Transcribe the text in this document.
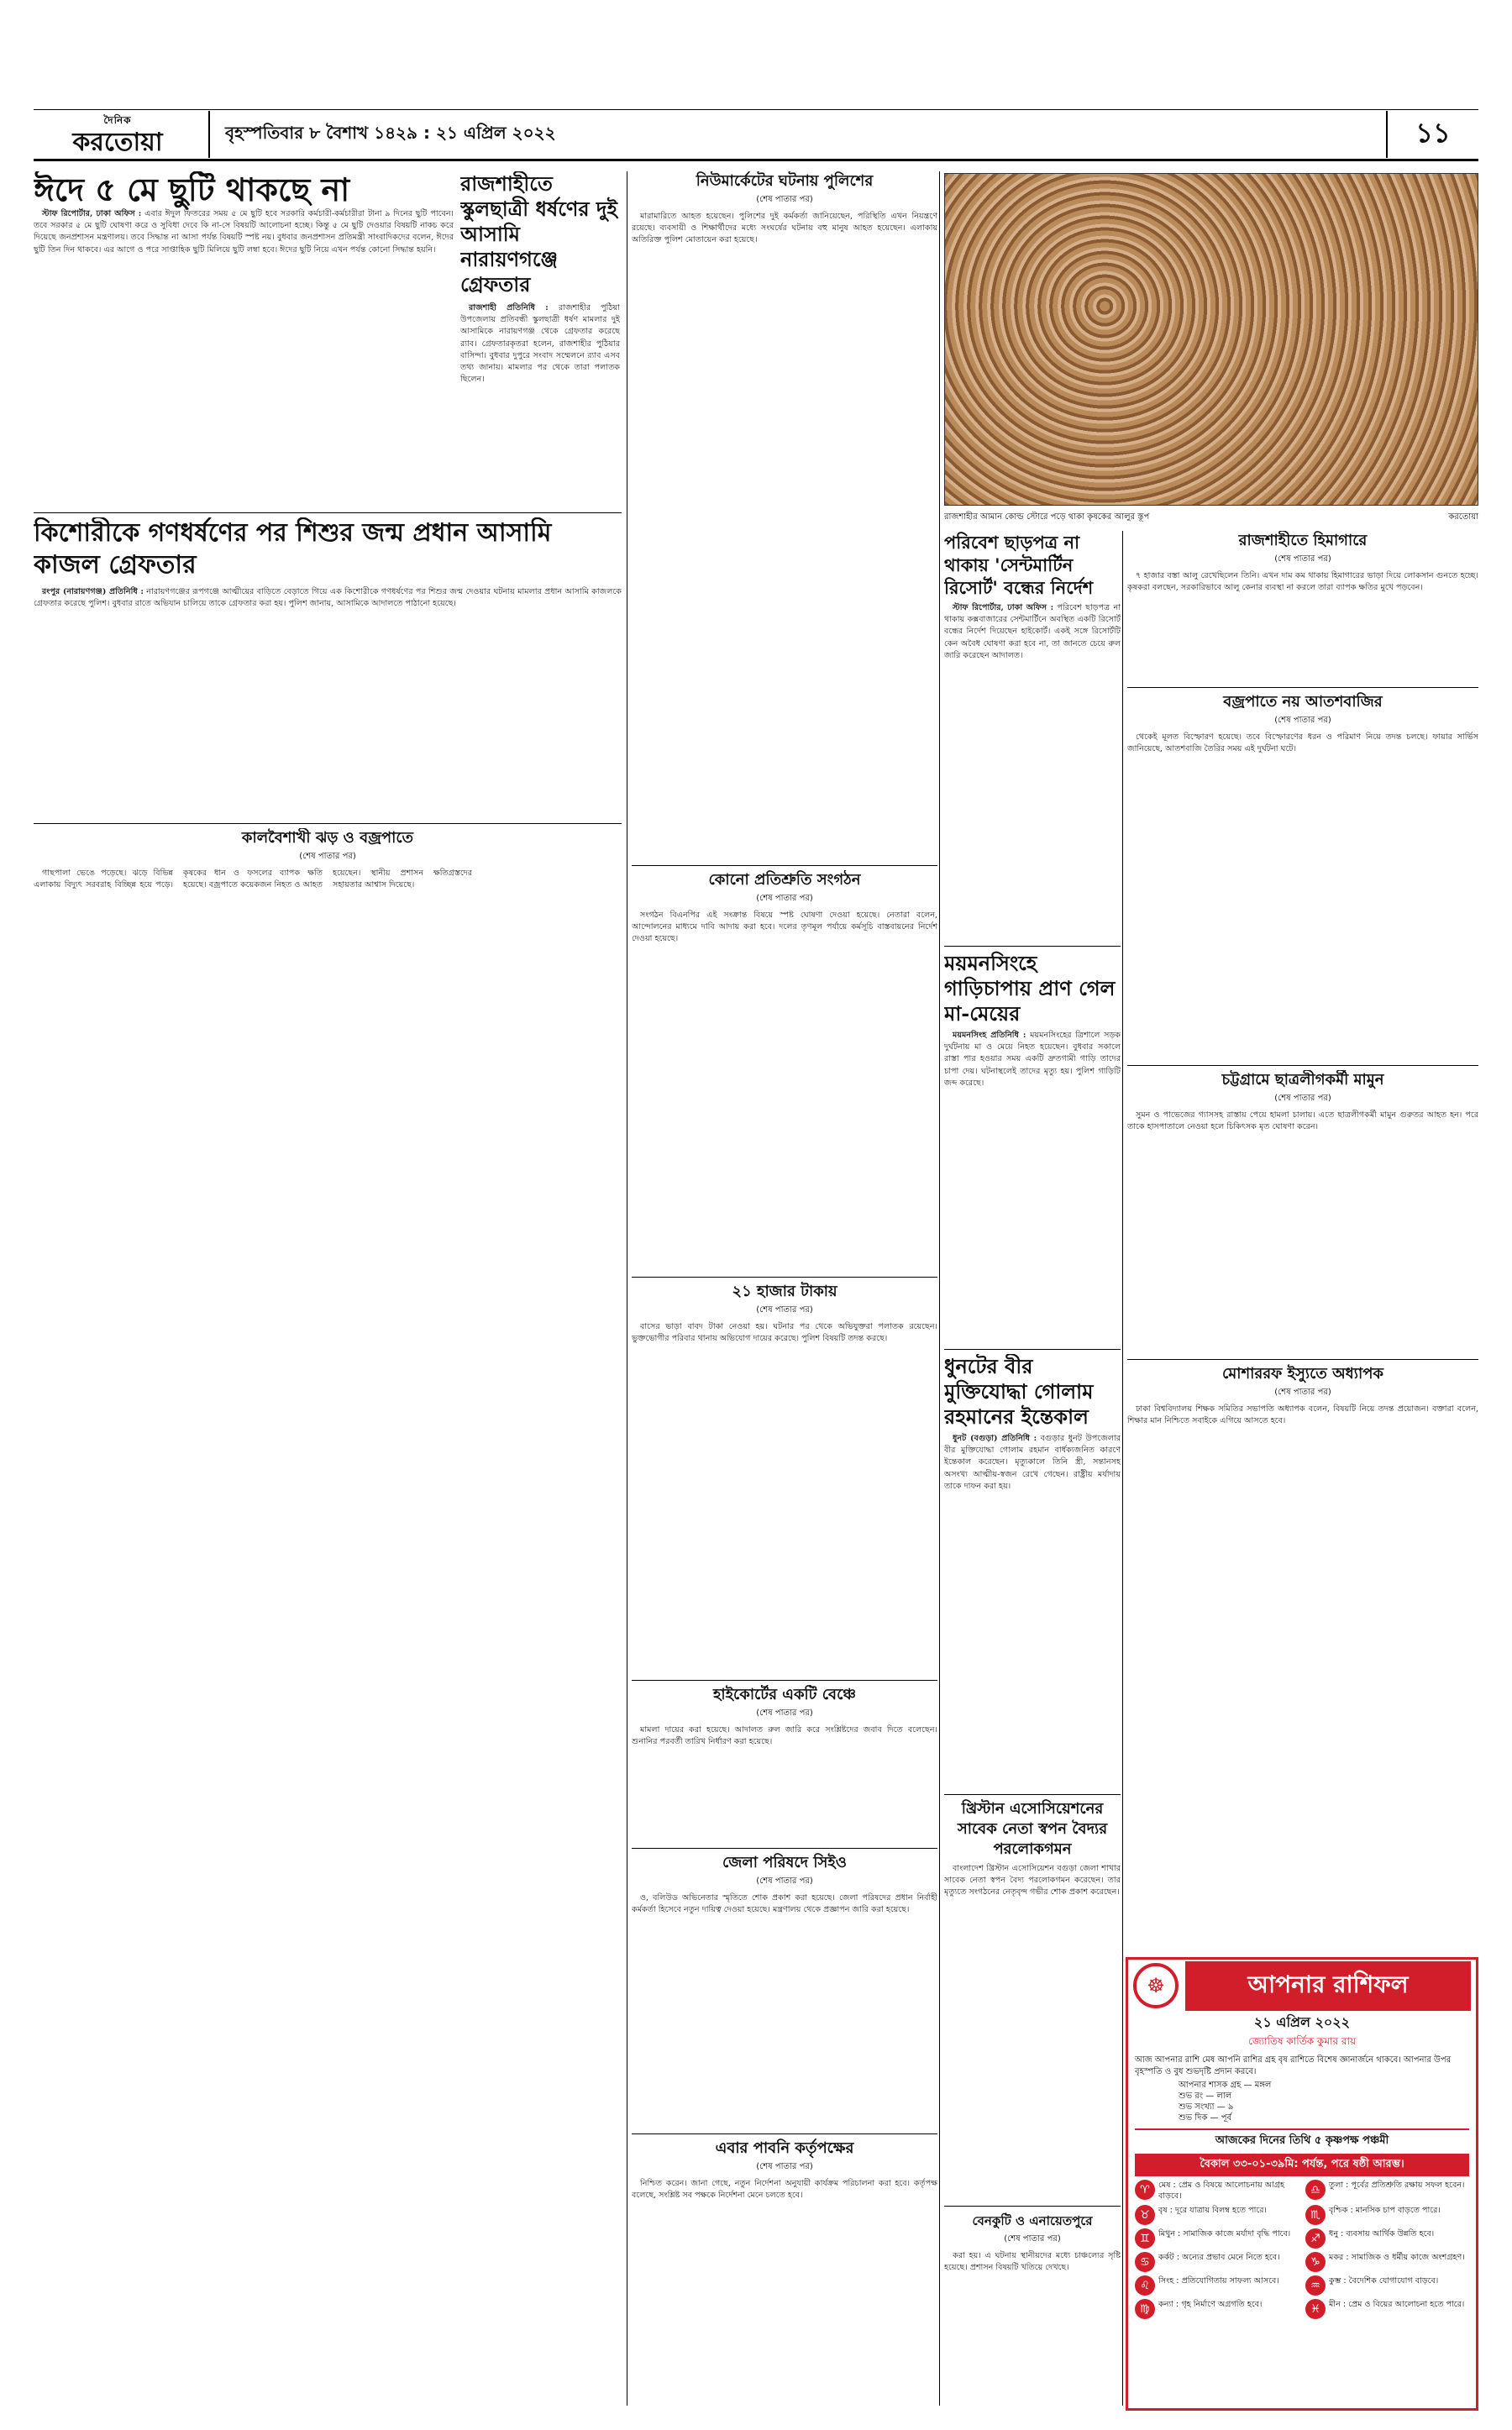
দৈনিক
করতোয়া	বৃহস্পতিবার ৮ বৈশাখ ১৪২৯ : ২১ এপ্রিল ২০২২	১১
ঈদে ৫ মে ছুটি থাকছে না

স্টাফ রিপোর্টার, ঢাকা অফিস : এবার ঈদুল ফিতরের সময় ৫ মে ছুটি হবে সরকারি কর্মচারী-কর্মচারীরা টানা ৯ দিনের ছুটি পাবেন। তবে সরকার ৫ মে ছুটি ঘোষণা করে ও সুবিধা দেবে কি না-সে বিষয়টি আলোচনা হচ্ছে। কিন্তু ৫ মে ছুটি দেওয়ার বিষয়টি নাকচ করে দিয়েছে জনপ্রশাসন মন্ত্রণালয়। তবে সিদ্ধান্ত না আসা পর্যন্ত বিষয়টি স্পষ্ট নয়। বুধবার জনপ্রশাসন প্রতিমন্ত্রী সাংবাদিকদের বলেন, ঈদের ছুটি তিন দিন থাকবে। এর আগে ও পরে সাপ্তাহিক ছুটি মিলিয়ে ছুটি লম্বা হবে। ঈদের ছুটি নিয়ে এখন পর্যন্ত কোনো সিদ্ধান্ত হয়নি।

রাজশাহীতে স্কুলছাত্রী ধর্ষণের দুই আসামি নারায়ণগঞ্জে গ্রেফতার

রাজশাহী প্রতিনিধি : রাজশাহীর পুঠিয়া উপজেলায় প্রতিবন্ধী স্কুলছাত্রী ধর্ষণ মামলার দুই আসামিকে নারায়ণগঞ্জ থেকে গ্রেফতার করেছে র‍্যাব। গ্রেফতারকৃতরা হলেন, রাজশাহীর পুঠিয়ার বাসিন্দা। বুধবার দুপুরে সংবাদ সম্মেলনে র‍্যাব এসব তথ্য জানায়। মামলার পর থেকে তারা পলাতক ছিলেন।

কিশোরীকে গণধর্ষণের পর শিশুর জন্ম প্রধান আসামি কাজল গ্রেফতার

রংপুর (নারায়ণগঞ্জ) প্রতিনিধি : নারায়ণগঞ্জের রূপগঞ্জে আত্মীয়ের বাড়িতে বেড়াতে গিয়ে এক কিশোরীকে গণধর্ষণের পর শিশুর জন্ম দেওয়ার ঘটনায় মামলার প্রধান আসামি কাজলকে গ্রেফতার করেছে পুলিশ। বুধবার রাতে অভিযান চালিয়ে তাকে গ্রেফতার করা হয়। পুলিশ জানায়, আসামিকে আদালতে পাঠানো হয়েছে।

কালবৈশাখী ঝড় ও বজ্রপাতে
(শেষ পাতার পর)

গাছপালা ভেঙে পড়েছে। ঝড়ে বিভিন্ন এলাকায় বিদ্যুৎ সরবরাহ বিচ্ছিন্ন হয়ে পড়ে। কৃষকের ধান ও ফসলের ব্যাপক ক্ষতি হয়েছে। বজ্রপাতে কয়েকজন নিহত ও আহত হয়েছেন। স্থানীয় প্রশাসন ক্ষতিগ্রস্তদের সহায়তার আশ্বাস দিয়েছে।

নিউমার্কেটের ঘটনায় পুলিশের
(শেষ পাতার পর)

মারামারিতে আহত হয়েছেন। পুলিশের দুই কর্মকর্তা জানিয়েছেন, পরিস্থিতি এখন নিয়ন্ত্রণে রয়েছে। ব্যবসায়ী ও শিক্ষার্থীদের মধ্যে সংঘর্ষের ঘটনায় বহু মানুষ আহত হয়েছেন। এলাকায় অতিরিক্ত পুলিশ মোতায়েন করা হয়েছে।

কোনো প্রতিশ্রুতি সংগঠন
(শেষ পাতার পর)

সংগঠন বিএনপির এই সংক্রান্ত বিষয়ে স্পষ্ট ঘোষণা দেওয়া হয়েছে। নেতারা বলেন, আন্দোলনের মাধ্যমে দাবি আদায় করা হবে। দলের তৃণমূল পর্যায়ে কর্মসূচি বাস্তবায়নের নির্দেশ দেওয়া হয়েছে।

২১ হাজার টাকায়
(শেষ পাতার পর)

বাসের ভাড়া বাবদ টাকা নেওয়া হয়। ঘটনার পর থেকে অভিযুক্তরা পলাতক রয়েছেন। ভুক্তভোগীর পরিবার থানায় অভিযোগ দায়ের করেছে। পুলিশ বিষয়টি তদন্ত করছে।

হাইকোর্টের একটি বেঞ্চে
(শেষ পাতার পর)

মামলা দায়ের করা হয়েছে। আদালত রুল জারি করে সংশ্লিষ্টদের জবাব দিতে বলেছেন। শুনানির পরবর্তী তারিখ নির্ধারণ করা হয়েছে।

জেলা পরিষদে সিইও
(শেষ পাতার পর)

ও, বলিউড অভিনেতার স্মৃতিতে শোক প্রকাশ করা হয়েছে। জেলা পরিষদের প্রধান নির্বাহী কর্মকর্তা হিসেবে নতুন দায়িত্ব দেওয়া হয়েছে। মন্ত্রণালয় থেকে প্রজ্ঞাপন জারি করা হয়েছে।

এবার পাবনি কর্তৃপক্ষের
(শেষ পাতার পর)

নিশ্চিত করেন। জানা গেছে, নতুন নির্দেশনা অনুযায়ী কার্যক্রম পরিচালনা করা হবে। কর্তৃপক্ষ বলেছে, সংশ্লিষ্ট সব পক্ষকে নির্দেশনা মেনে চলতে হবে।

রাজশাহীর আমান কোল্ড স্টোরে পড়ে থাকা কৃষকের আলুর স্তূপ	করতোয়া
পরিবেশ ছাড়পত্র না থাকায় 'সেন্টমার্টিন রিসোর্ট' বন্ধের নির্দেশ

স্টাফ রিপোর্টার, ঢাকা অফিস : পরিবেশ ছাড়পত্র না থাকায় কক্সবাজারের সেন্টমার্টিনে অবস্থিত একটি রিসোর্ট বন্ধের নির্দেশ দিয়েছেন হাইকোর্ট। একই সঙ্গে রিসোর্টটি কেন অবৈধ ঘোষণা করা হবে না, তা জানতে চেয়ে রুল জারি করেছেন আদালত।

ময়মনসিংহে গাড়িচাপায় প্রাণ গেল মা-মেয়ের

ময়মনসিংহ প্রতিনিধি : ময়মনসিংহের ত্রিশালে সড়ক দুর্ঘটনায় মা ও মেয়ে নিহত হয়েছেন। বুধবার সকালে রাস্তা পার হওয়ার সময় একটি দ্রুতগামী গাড়ি তাদের চাপা দেয়। ঘটনাস্থলেই তাদের মৃত্যু হয়। পুলিশ গাড়িটি জব্দ করেছে।

ধুনটের বীর মুক্তিযোদ্ধা গোলাম রহমানের ইন্তেকাল

ধুনট (বগুড়া) প্রতিনিধি : বগুড়ার ধুনট উপজেলার বীর মুক্তিযোদ্ধা গোলাম রহমান বার্ধক্যজনিত কারণে ইন্তেকাল করেছেন। মৃত্যুকালে তিনি স্ত্রী, সন্তানসহ অসংখ্য আত্মীয়-স্বজন রেখে গেছেন। রাষ্ট্রীয় মর্যাদায় তাকে দাফন করা হয়।

খ্রিস্টান এসোসিয়েশনের সাবেক নেতা স্বপন বৈদ্যর পরলোকগমন

বাংলাদেশ খ্রিস্টান এসোসিয়েশন বগুড়া জেলা শাখার সাবেক নেতা স্বপন বৈদ্য পরলোকগমন করেছেন। তার মৃত্যুতে সংগঠনের নেতৃবৃন্দ গভীর শোক প্রকাশ করেছেন।

বেনকুটি ও এনায়েতপুরে
(শেষ পাতার পর)

করা হয়। এ ঘটনায় স্থানীয়দের মধ্যে চাঞ্চল্যের সৃষ্টি হয়েছে। প্রশাসন বিষয়টি খতিয়ে দেখছে।

রাজশাহীতে হিমাগারে
(শেষ পাতার পর)

৭ হাজার বস্তা আলু রেখেছিলেন তিনি। এখন দাম কম থাকায় হিমাগারের ভাড়া দিয়ে লোকসান গুনতে হচ্ছে। কৃষকরা বলছেন, সরকারিভাবে আলু কেনার ব্যবস্থা না করলে তারা ব্যাপক ক্ষতির মুখে পড়বেন।

বজ্রপাতে নয় আতশবাজির
(শেষ পাতার পর)

থেকেই মূলত বিস্ফোরণ হয়েছে। তবে বিস্ফোরণের ধরন ও পরিমাণ নিয়ে তদন্ত চলছে। ফায়ার সার্ভিস জানিয়েছে, আতশবাজি তৈরির সময় এই দুর্ঘটনা ঘটে।

চট্টগ্রামে ছাত্রলীগকর্মী মামুন
(শেষ পাতার পর)

সুমন ও পাভেজের গ্যাসসহ রাস্তায় পেয়ে হামলা চালায়। এতে ছাত্রলীগকর্মী মামুন গুরুতর আহত হন। পরে তাকে হাসপাতালে নেওয়া হলে চিকিৎসক মৃত ঘোষণা করেন।

মোশাররফ ইস্যুতে অধ্যাপক
(শেষ পাতার পর)

ঢাকা বিশ্ববিদ্যালয় শিক্ষক সমিতির সভাপতি অধ্যাপক বলেন, বিষয়টি নিয়ে তদন্ত প্রয়োজন। বক্তারা বলেন, শিক্ষার মান নিশ্চিতে সবাইকে এগিয়ে আসতে হবে।

☸	আপনার রাশিফল
২১ এপ্রিল ২০২২
জ্যোতিষ কার্তিক কুমার রায়
আজ আপনার রাশি মেষ আপনি রাশির গ্রহ বৃষ রাশিতে বিশেষ জ্ঞানার্জনে থাকবে। আপনার উপর বৃহস্পতি ও বুধ শুভদৃষ্টি প্রদান করবে।
আপনার শাসক গ্রহ — মঙ্গল
শুভ রং — লাল
শুভ সংখ্যা — ৯
শুভ দিক — পূর্ব
আজকের দিনের তিথি ৫ কৃষ্ণপক্ষ পঞ্চমী
বৈকাল ৩৩-০১-৩৯মি: পর্যন্ত, পরে ষষ্ঠী আরম্ভ।
♈	মেষ : প্রেম ও বিষয়ে আলোচনায় আগ্রহ বাড়বে।	♎	তুলা : পূর্বের প্রতিশ্রুতি রক্ষায় সফল হবেন।
♉	বৃষ : দূরে যাত্রায় বিলম্ব হতে পারে।	♏	বৃশ্চিক : মানসিক চাপ বাড়তে পারে।
♊	মিথুন : সামাজিক কাজে মর্যাদা বৃদ্ধি পাবে।	♐	ধনু : ব্যবসায় আর্থিক উন্নতি হবে।
♋	কর্কট : অন্যের প্রভাব মেনে নিতে হবে।	♑	মকর : সামাজিক ও ধর্মীয় কাজে অংশগ্রহণ।
♌	সিংহ : প্রতিযোগিতায় সাফল্য আসবে।	♒	কুম্ভ : বৈদেশিক যোগাযোগ বাড়বে।
♍	কন্যা : গৃহ নির্মাণে অগ্রগতি হবে।	♓	মীন : প্রেম ও বিয়ের আলোচনা হতে পারে।
